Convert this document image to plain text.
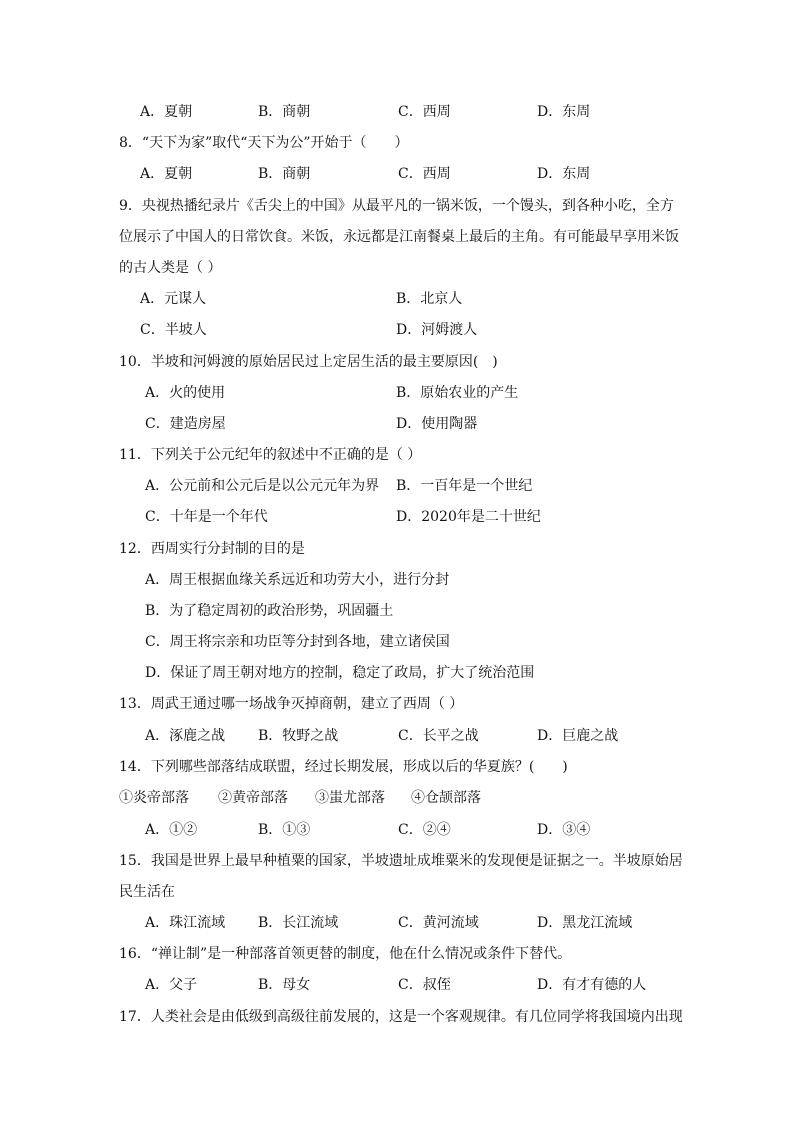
A．夏朝	B．商朝	C．西周	D．东周
8．“天下为家”取代“天下为公”开始于（　　）
A．夏朝	B．商朝	C．西周	D．东周
9．央视热播纪录片《舌尖上的中国》从最平凡的一锅米饭，一个馒头，到各种小吃，全方
位展示了中国人的日常饮食。米饭，永远都是江南餐桌上最后的主角。有可能最早享用米饭
的古人类是（ ）
A．元谋人	B．北京人
C．半坡人	D．河姆渡人
10．半坡和河姆渡的原始居民过上定居生活的最主要原因(　)
A．火的使用	B．原始农业的产生
C．建造房屋	D．使用陶器
11．下列关于公元纪年的叙述中不正确的是（ ）
A．公元前和公元后是以公元元年为界 B．一百年是一个世纪
C．十年是一个年代	D．2020年是二十世纪
12．西周实行分封制的目的是
A．周王根据血缘关系远近和功劳大小，进行分封
B．为了稳定周初的政治形势，巩固疆土
C．周王将宗亲和功臣等分封到各地，建立诸侯国
D．保证了周王朝对地方的控制，稳定了政局，扩大了统治范围
13．周武王通过哪一场战争灭掉商朝，建立了西周（ ）
A．涿鹿之战 B．牧野之战	C．长平之战	D．巨鹿之战
14．下列哪些部落结成联盟，经过长期发展，形成以后的华夏族？(　　)
①炎帝部落 ②黄帝部落 ③蚩尤部落 ④仓颉部落
A．①②	B．①③	C．②④	D．③④
15．我国是世界上最早种植粟的国家，半坡遗址成堆粟米的发现便是证据之一。半坡原始居
民生活在
A．珠江流域 B．长江流域	C．黄河流域	D．黑龙江流域
16．“禅让制”是一种部落首领更替的制度，他在什么情况或条件下替代。
A．父子	B．母女	C．叔侄	D．有才有德的人
17．人类社会是由低级到高级往前发展的，这是一个客观规律。有几位同学将我国境内出现
